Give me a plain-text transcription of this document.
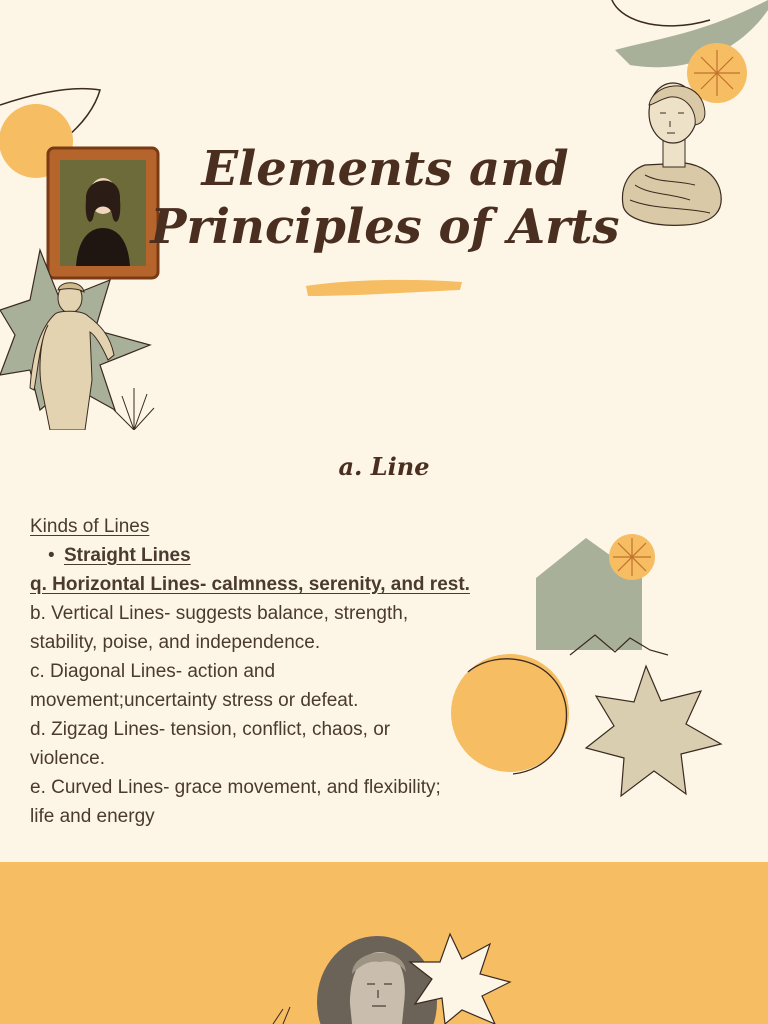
Elements and
Principles of Arts
a. Line
Kinds of Lines
• Straight Lines
q. Horizontal Lines- calmness, serenity, and rest.
b. Vertical Lines- suggests balance, strength,
stability, poise, and independence.
c. Diagonal Lines- action and
movement;uncertainty stress or defeat.
d. Zigzag Lines- tension, conflict, chaos, or
violence.
e. Curved Lines- grace movement, and flexibility;
life and energy
